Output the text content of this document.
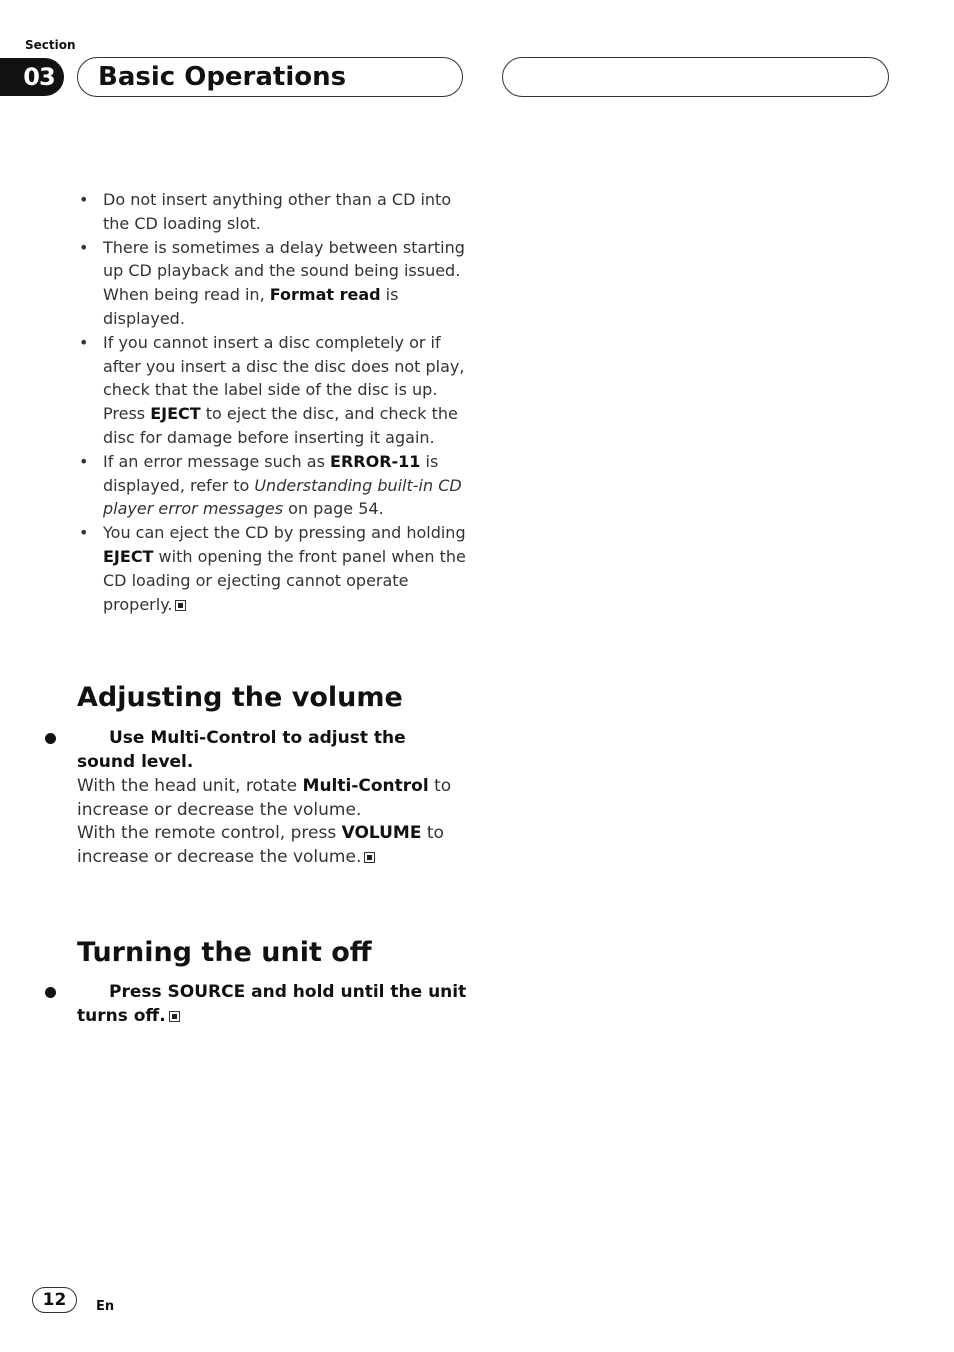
Section
03	Basic Operations
• Do not insert anything other than a CD into the CD loading slot.
• There is sometimes a delay between starting up CD playback and the sound being issued. When being read in, Format read is displayed.
• If you cannot insert a disc completely or if after you insert a disc the disc does not play, check that the label side of the disc is up. Press EJECT to eject the disc, and check the disc for damage before inserting it again.
• If an error message such as ERROR-11 is displayed, refer to Understanding built-in CD player error messages on page 54.
• You can eject the CD by pressing and holding EJECT with opening the front panel when the CD loading or ejecting cannot operate properly.
Adjusting the volume

Use Multi-Control to adjust the sound level.

With the head unit, rotate Multi-Control to increase or decrease the volume.

With the remote control, press VOLUME to increase or decrease the volume.

Turning the unit off

Press SOURCE and hold until the unit turns off.

12	En
